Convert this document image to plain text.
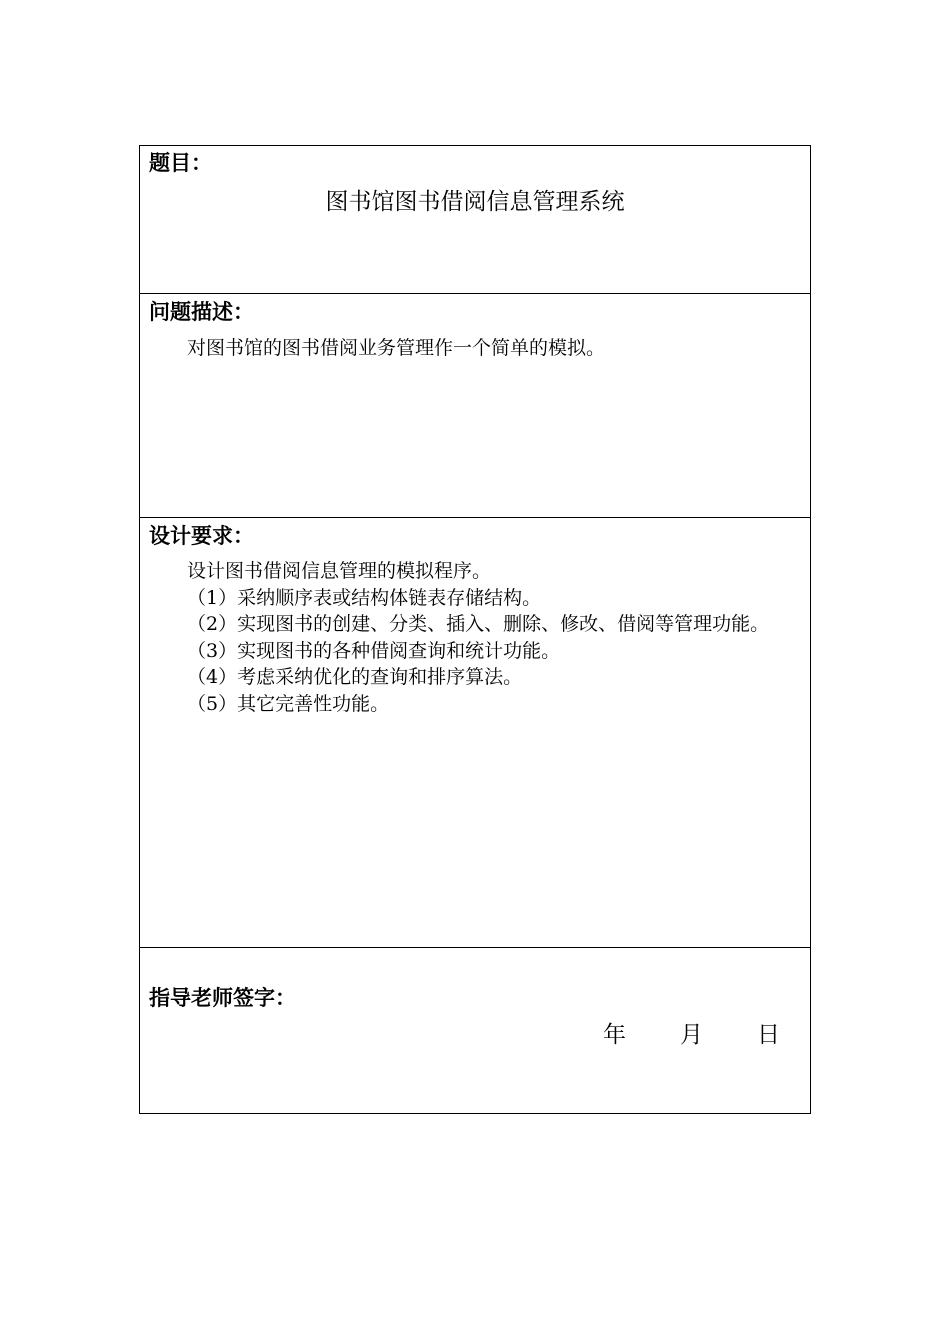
题目：
图书馆图书借阅信息管理系统
问题描述：

对图书馆的图书借阅业务管理作一个简单的模拟。

设计要求：

设计图书借阅信息管理的模拟程序。

（1）采纳顺序表或结构体链表存储结构。

（2）实现图书的创建、分类、插入、删除、修改、借阅等管理功能。

（3）实现图书的各种借阅查询和统计功能。

（4）考虑采纳优化的查询和排序算法。

（5）其它完善性功能。

指导老师签字：
年 月 日
